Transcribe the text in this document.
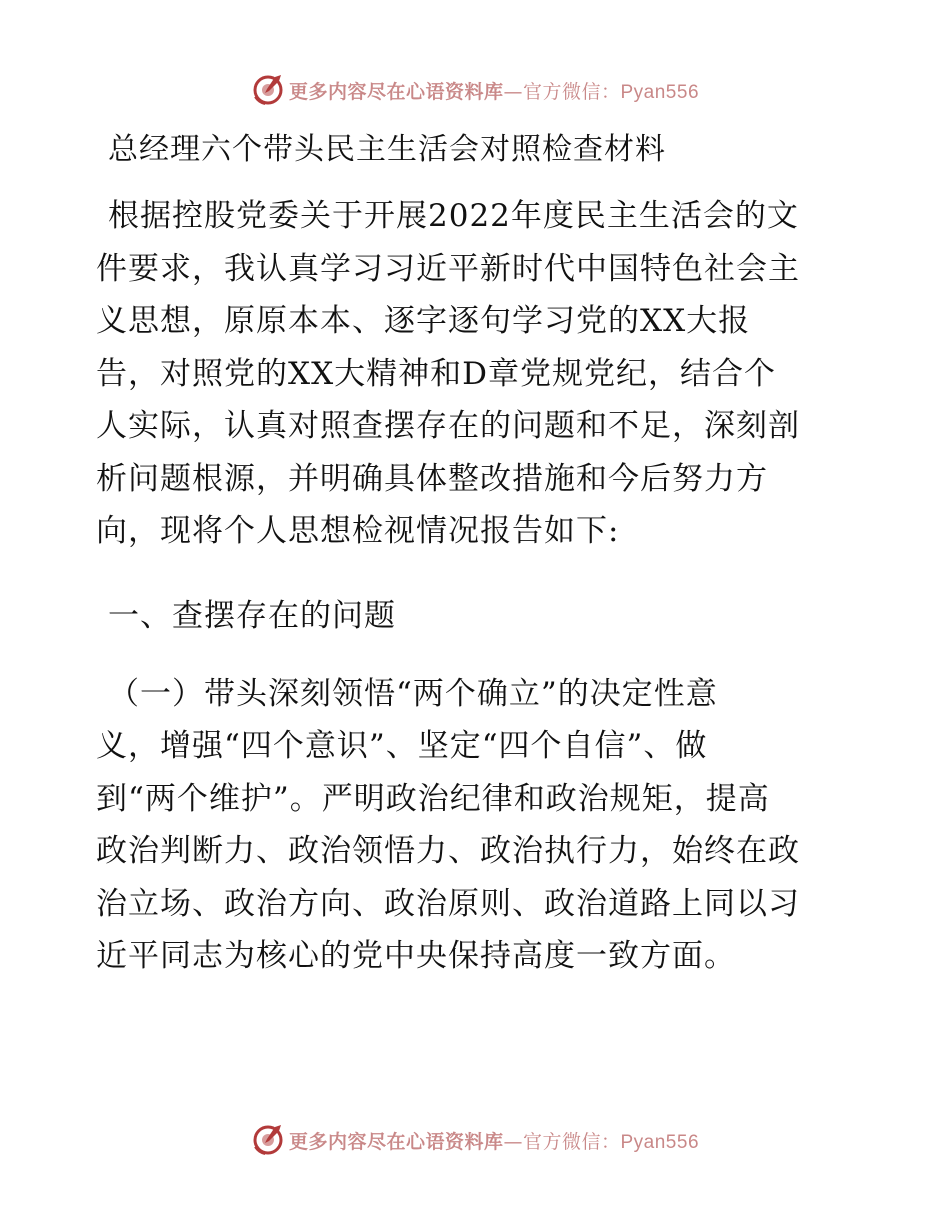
更多内容尽在心语资料库—官方微信：Pyan556
总经理六个带头民主生活会对照检查材料

根据控股党委关于开展2022年度民主生活会的文
件要求，我认真学习习近平新时代中国特色社会主
义思想，原原本本、逐字逐句学习党的XX大报
告，对照党的XX大精神和D章党规党纪，结合个
人实际，认真对照查摆存在的问题和不足，深刻剖
析问题根源，并明确具体整改措施和今后努力方
向，现将个人思想检视情况报告如下:

一、查摆存在的问题

（一）带头深刻领悟“两个确立”的决定性意
义，增强“四个意识”、坚定“四个自信”、做
到“两个维护”。严明政治纪律和政治规矩，提高
政治判断力、政治领悟力、政治执行力，始终在政
治立场、政治方向、政治原则、政治道路上同以习
近平同志为核心的党中央保持高度一致方面。

更多内容尽在心语资料库—官方微信：Pyan556
